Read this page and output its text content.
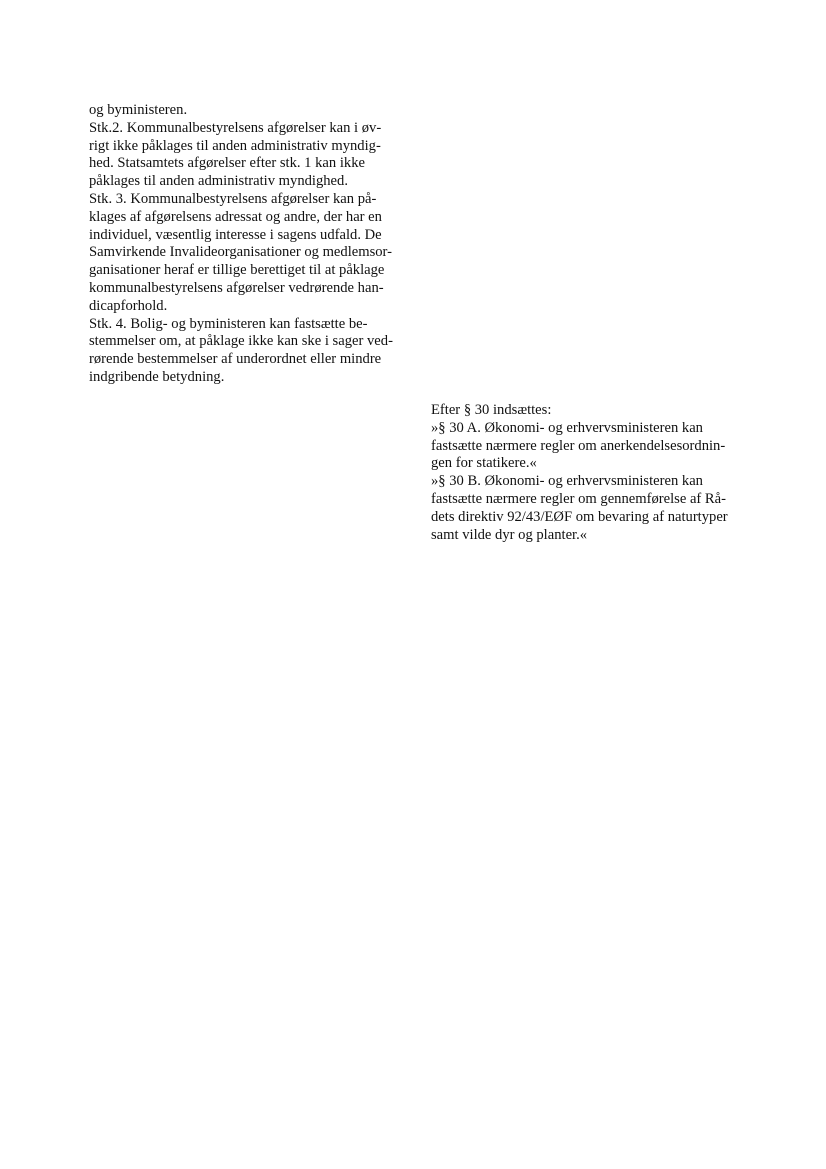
og byministeren.
Stk.2. Kommunalbestyrelsens afgørelser kan i øv-
rigt ikke påklages til anden administrativ myndig-
hed. Statsamtets afgørelser efter stk. 1 kan ikke
påklages til anden administrativ myndighed.
Stk. 3. Kommunalbestyrelsens afgørelser kan på-
klages af afgørelsens adressat og andre, der har en
individuel, væsentlig interesse i sagens udfald. De
Samvirkende Invalideorganisationer og medlemsor-
ganisationer heraf er tillige berettiget til at påklage
kommunalbestyrelsens afgørelser vedrørende han-
dicapforhold.
Stk. 4. Bolig- og byministeren kan fastsætte be-
stemmelser om, at påklage ikke kan ske i sager ved-
rørende bestemmelser af underordnet eller mindre
indgribende betydning.
Efter § 30 indsættes:
»§ 30 A. Økonomi- og erhvervsministeren kan
fastsætte nærmere regler om anerkendelsesordnin-
gen for statikere.«
»§ 30 B. Økonomi- og erhvervsministeren kan
fastsætte nærmere regler om gennemførelse af Rå-
dets direktiv 92/43/EØF om bevaring af naturtyper
samt vilde dyr og planter.«
